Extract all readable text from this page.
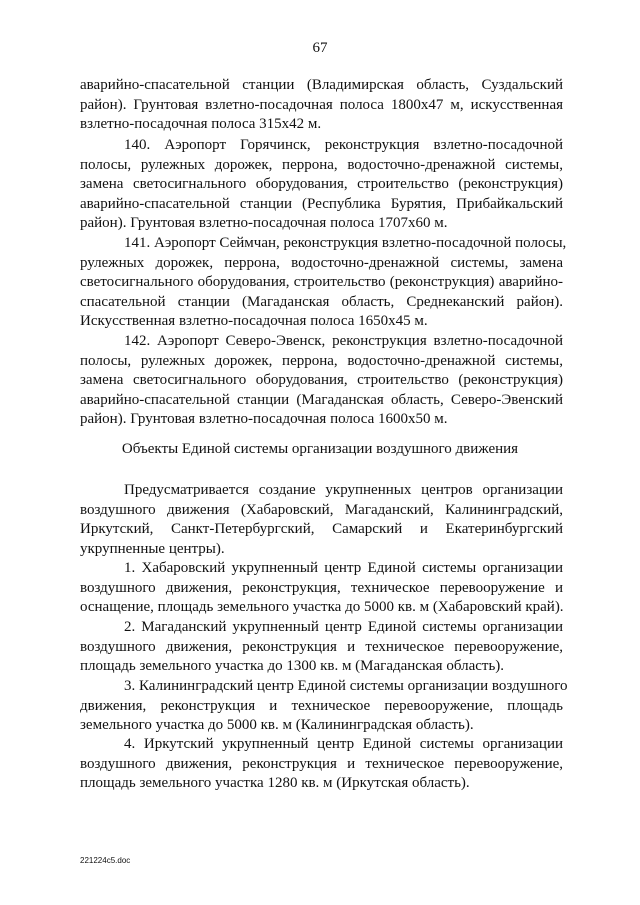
67
аварийно-спасательной станции (Владимирская область, Суздальский
район). Грунтовая взлетно-посадочная полоса 1800x47 м, искусственная
взлетно-посадочная полоса 315x42 м.
140. Аэропорт Горячинск, реконструкция взлетно-посадочной
полосы, рулежных дорожек, перрона, водосточно-дренажной системы,
замена светосигнального оборудования, строительство (реконструкция)
аварийно-спасательной станции (Республика Бурятия, Прибайкальский
район). Грунтовая взлетно-посадочная полоса 1707x60 м.
141. Аэропорт Сеймчан, реконструкция взлетно-посадочной полосы,
рулежных дорожек, перрона, водосточно-дренажной системы, замена
светосигнального оборудования, строительство (реконструкция) аварийно-
спасательной станции (Магаданская область, Среднеканский район).
Искусственная взлетно-посадочная полоса 1650x45 м.
142. Аэропорт Северо-Эвенск, реконструкция взлетно-посадочной
полосы, рулежных дорожек, перрона, водосточно-дренажной системы,
замена светосигнального оборудования, строительство (реконструкция)
аварийно-спасательной станции (Магаданская область, Северо-Эвенский
район). Грунтовая взлетно-посадочная полоса 1600x50 м.
Объекты Единой системы организации воздушного движения
Предусматривается создание укрупненных центров организации
воздушного движения (Хабаровский, Магаданский, Калининградский,
Иркутский, Санкт-Петербургский, Самарский и Екатеринбургский
укрупненные центры).
1. Хабаровский укрупненный центр Единой системы организации
воздушного движения, реконструкция, техническое перевооружение и
оснащение, площадь земельного участка до 5000 кв. м (Хабаровский край).
2. Магаданский укрупненный центр Единой системы организации
воздушного движения, реконструкция и техническое перевооружение,
площадь земельного участка до 1300 кв. м (Магаданская область).
3. Калининградский центр Единой системы организации воздушного
движения, реконструкция и техническое перевооружение, площадь
земельного участка до 5000 кв. м (Калининградская область).
4. Иркутский укрупненный центр Единой системы организации
воздушного движения, реконструкция и техническое перевооружение,
площадь земельного участка 1280 кв. м (Иркутская область).
221224c5.doc
